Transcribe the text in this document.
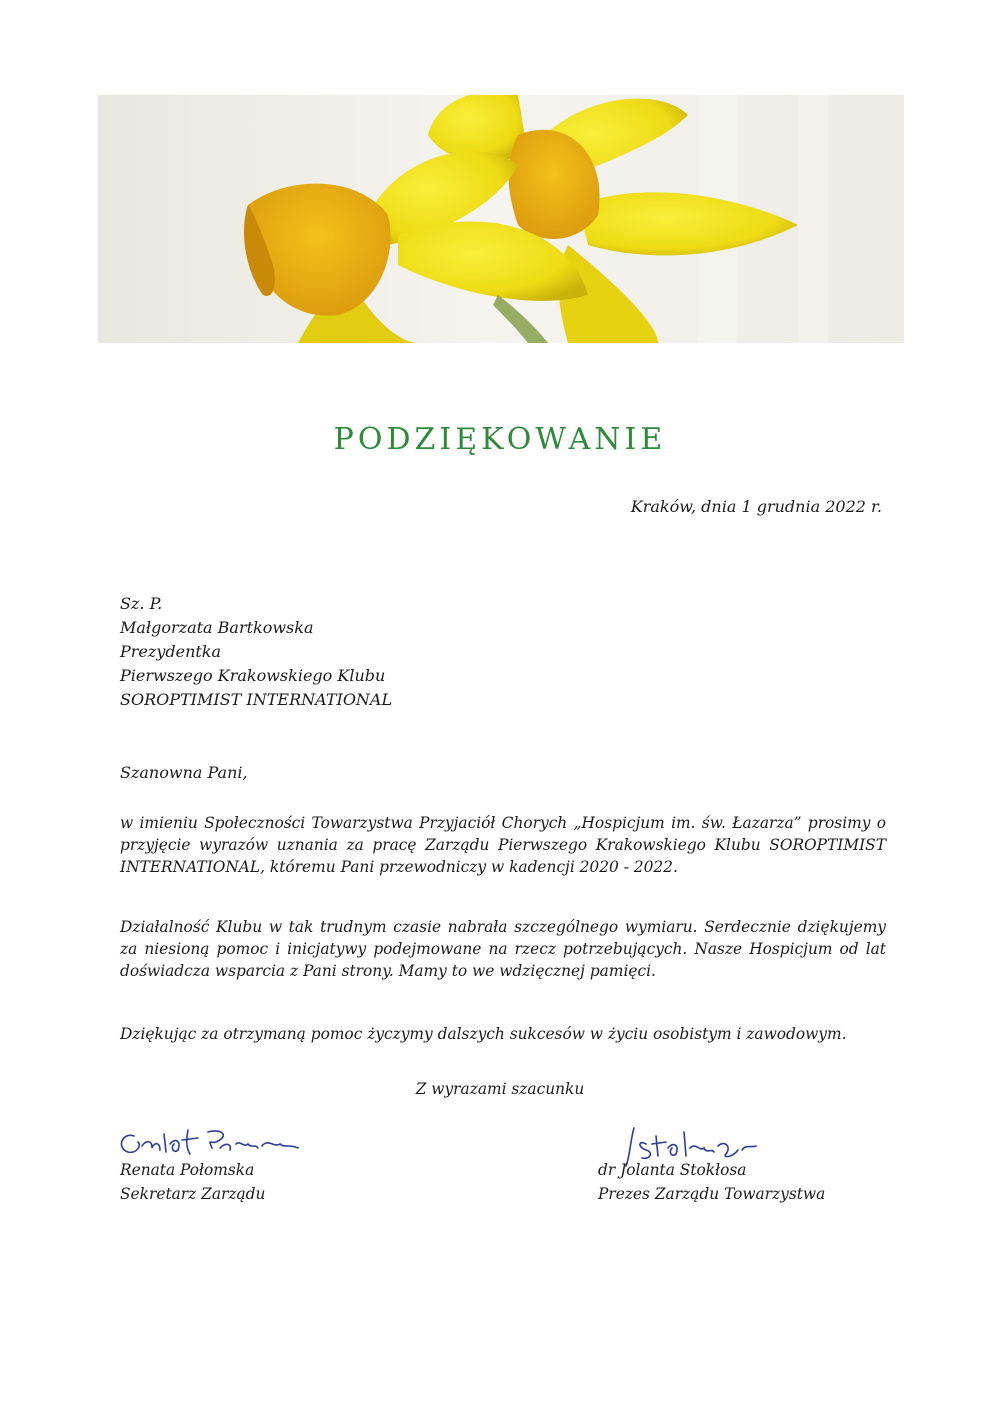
PODZIĘKOWANIE
Kraków, dnia 1 grudnia 2022 r.
Sz. P.
Małgorzata Bartkowska
Prezydentka
Pierwszego Krakowskiego Klubu
SOROPTIMIST INTERNATIONAL
Szanowna Pani,
w imieniu Społeczności Towarzystwa Przyjaciół Chorych „Hospicjum im. św. Łazarza” prosimy o przyjęcie wyrazów uznania za pracę Zarządu Pierwszego Krakowskiego Klubu SOROPTIMIST INTERNATIONAL, któremu Pani przewodniczy w kadencji 2020 - 2022.
Działalność Klubu w tak trudnym czasie nabrała szczególnego wymiaru. Serdecznie dziękujemy za niesioną pomoc i inicjatywy podejmowane na rzecz potrzebujących. Nasze Hospicjum od lat doświadcza wsparcia z Pani strony. Mamy to we wdzięcznej pamięci.
Dziękując za otrzymaną pomoc życzymy dalszych sukcesów w życiu osobistym i zawodowym.
Z wyrazami szacunku
Renata Połomska
Sekretarz Zarządu
dr Jolanta Stokłosa
Prezes Zarządu Towarzystwa
